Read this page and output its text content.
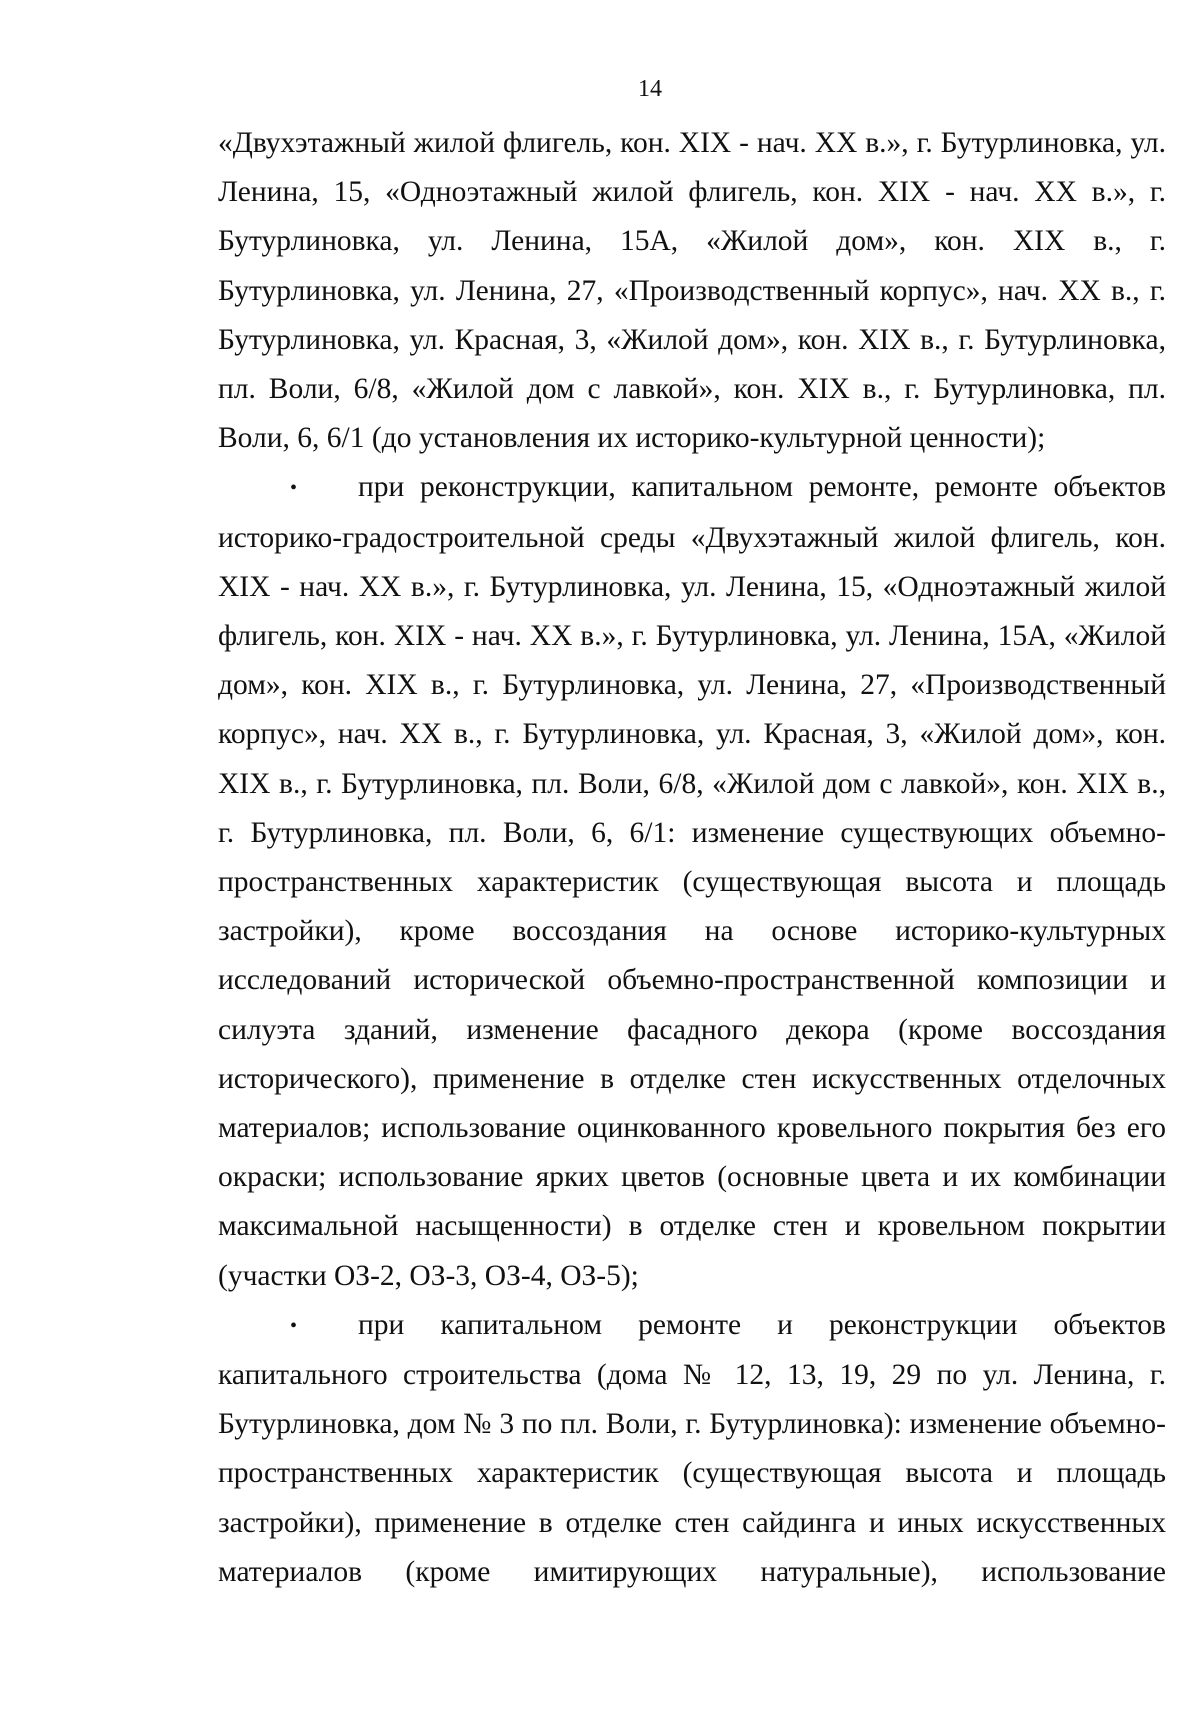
14

«Двухэтажный жилой флигель, кон. XIX - нач. XX в.», г. Бутурлиновка, ул. Ленина, 15, «Одноэтажный жилой флигель, кон. XIX - нач. XX в.», г. Бутурлиновка, ул. Ленина, 15А, «Жилой дом», кон. XIX в., г. Бутурлиновка, ул. Ленина, 27, «Производственный корпус», нач. XX в., г. Бутурлиновка, ул. Красная, 3, «Жилой дом», кон. XIX в., г. Бутурлиновка, пл. Воли, 6/8, «Жилой дом с лавкой», кон. XIX в., г. Бутурлиновка, пл. Воли, 6, 6/1 (до установления их историко-культурной ценности);

• при реконструкции, капитальном ремонте, ремонте объектов историко-градостроительной среды «Двухэтажный жилой флигель, кон. XIX - нач. XX в.», г. Бутурлиновка, ул. Ленина, 15, «Одноэтажный жилой флигель, кон. XIX - нач. XX в.», г. Бутурлиновка, ул. Ленина, 15А, «Жилой дом», кон. XIX в., г. Бутурлиновка, ул. Ленина, 27, «Производственный корпус», нач. XX в., г. Бутурлиновка, ул. Красная, 3, «Жилой дом», кон. XIX в., г. Бутурлиновка, пл. Воли, 6/8, «Жилой дом с лавкой», кон. XIX в., г. Бутурлиновка, пл. Воли, 6, 6/1: изменение существующих объемно-пространственных характеристик (существующая высота и площадь застройки), кроме воссоздания на основе историко-культурных исследований исторической объемно-пространственной композиции и силуэта зданий, изменение фасадного декора (кроме воссоздания исторического), применение в отделке стен искусственных отделочных материалов; использование оцинкованного кровельного покрытия без его окраски; использование ярких цветов (основные цвета и их комбинации максимальной насыщенности) в отделке стен и кровельном покрытии (участки ОЗ-2, ОЗ-3, ОЗ-4, ОЗ-5);

• при капитальном ремонте и реконструкции объектов капитального строительства (дома № 12, 13, 19, 29 по ул. Ленина, г. Бутурлиновка, дом № 3 по пл. Воли, г. Бутурлиновка): изменение объемно-пространственных характеристик (существующая высота и площадь застройки), применение в отделке стен сайдинга и иных искусственных материалов (кроме имитирующих натуральные), использование
